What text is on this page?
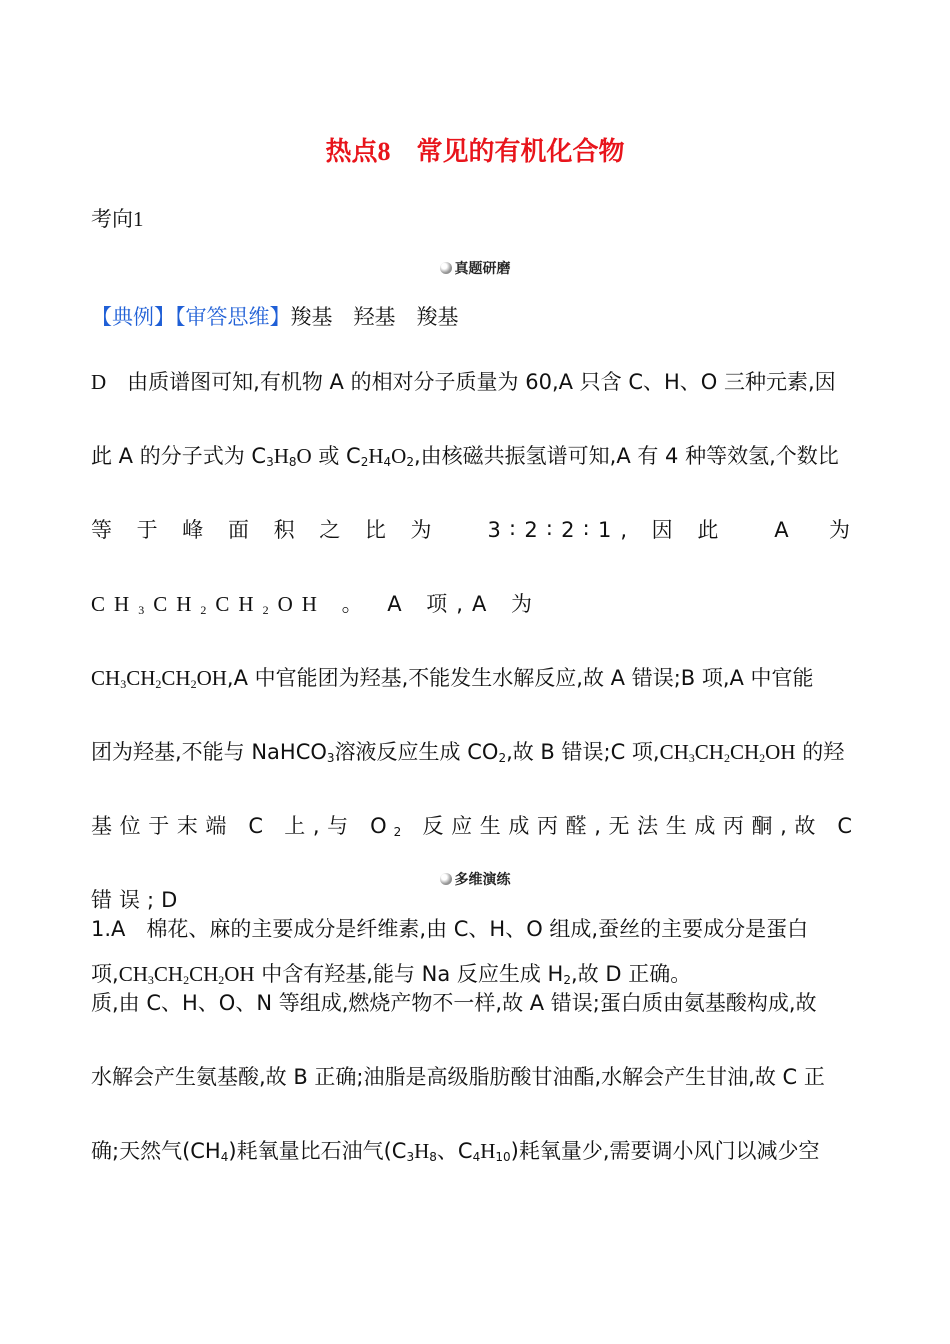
热点8　 常见的有机化合物
考向1
真题研磨
【典例】【审答思维】羧基　羟基　羧基
D　 由质谱图可知,有机物 A 的相对分子质量为 60,A 只含 C、H、O 三种元素,因
此 A 的分子式为 $C_3H_8O$ 或 $C_2H_4O_2$,由核磁共振氢谱可知,A 有 4 种等效氢,个数比
等于峰面积之比为 3∶2∶2∶1,因此 A 为 $CH_3CH_2CH_2OH$ 。 A 项,A 为
$CH_3CH_2CH_2OH,A$ 中官能团为羟基,不能发生水解反应,故 A 错误;B 项,A 中官能
团为羟基,不能与 NaHCO$_3$溶液反应生成 $CO_2$,故 B 错误;C 项$,CH_3CH_2CH_2OH$ 的羟
基位于末端 C 上,与 $O_2$ 反应生成丙醛,无法生成丙酮,故 C 错误;D
项$,CH_3CH_2CH_2OH$ 中含有羟基,能与 Na 反应生成 $H_2$,故 D 正确。
多维演练
1.A　棉花、麻的主要成分是纤维素,由 C、H、O 组成,蚕丝的主要成分是蛋白
质,由 C、H、O、N 等组成,燃烧产物不一样,故 A 错误;蛋白质由氨基酸构成,故
水解会产生氨基酸,故 B 正确;油脂是高级脂肪酸甘油酯,水解会产生甘油,故 C 正
确;天然气$(CH_4)$耗氧量比石油气($C_3H_8$、$C_4H_{10}$)耗氧量少,需要调小风门以减少空
